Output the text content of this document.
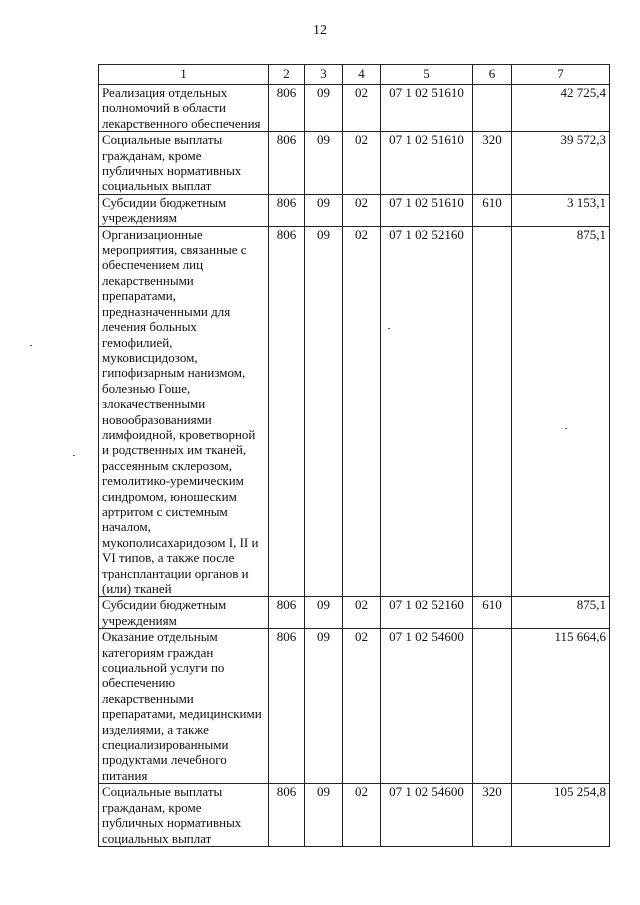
12
1	2	3	4	5	6	7
Реализация отдельных полномочий в области лекарственного обеспечения	806	09	02	07 1 02 51610		42 725,4
Социальные выплаты гражданам, кроме публичных нормативных социальных выплат	806	09	02	07 1 02 51610	320	39 572,3
Субсидии бюджетным учреждениям	806	09	02	07 1 02 51610	610	3 153,1
Организационные мероприятия, связанные с обеспечением лиц лекарственными препаратами, предназначенными для лечения больных гемофилией, муковисцидозом, гипофизарным нанизмом, болезнью Гоше, злокачественными новообразованиями лимфоидной, кроветворной и родственных им тканей, рассеянным склерозом, гемолитико-уремическим синдромом, юношеским артритом с системным началом, мукополисахаридозом I, II и VI типов, а также после трансплантации органов и (или) тканей	806	09	02	07 1 02 52160		875,1
Субсидии бюджетным учреждениям	806	09	02	07 1 02 52160	610	875,1
Оказание отдельным категориям граждан социальной услуги по обеспечению лекарственными препаратами, медицинскими изделиями, а также специализированными продуктами лечебного питания	806	09	02	07 1 02 54600		115 664,6
Социальные выплаты гражданам, кроме публичных нормативных социальных выплат	806	09	02	07 1 02 54600	320	105 254,8
